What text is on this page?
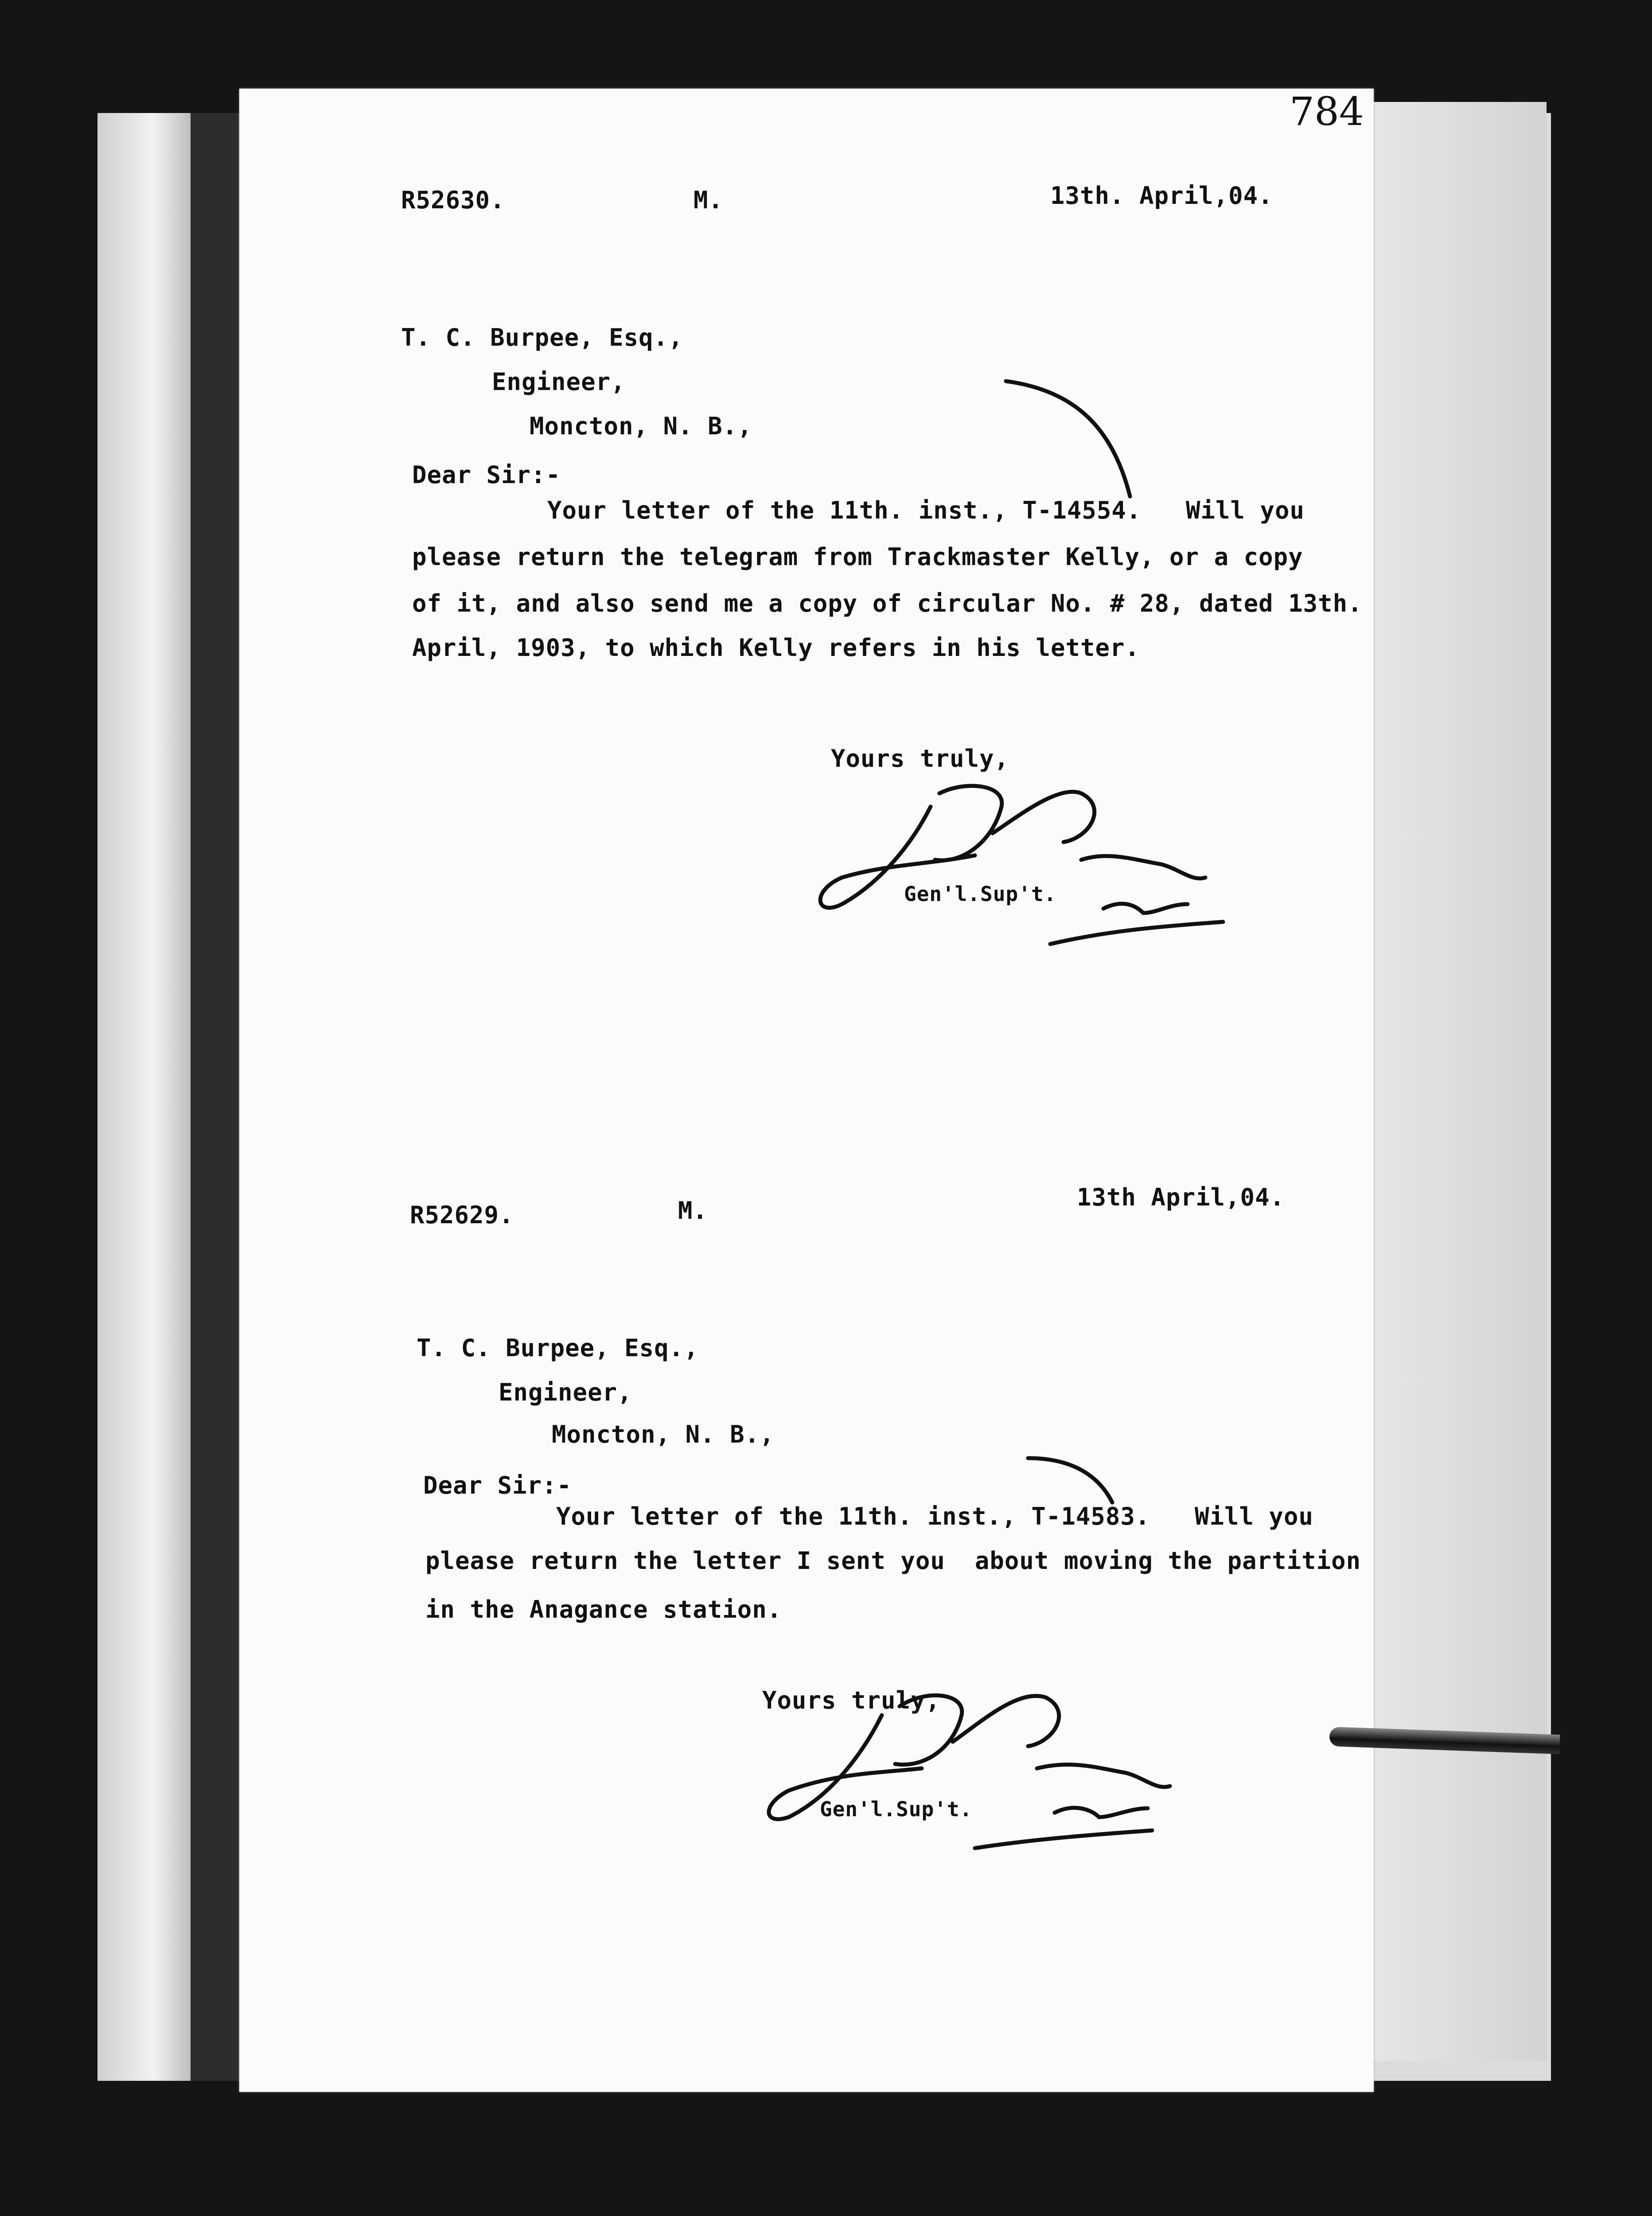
784
R52630.	M.	13th. April,04.
T. C. Burpee, Esq.,
Engineer,
Moncton, N. B.,
Dear Sir:-
Your letter of the 11th. inst., T-14554.   Will you
please return the telegram from Trackmaster Kelly, or a copy
of it, and also send me a copy of circular No. # 28, dated 13th.
April, 1903, to which Kelly refers in his letter.
Yours truly,
Gen'l.Sup't.
R52629.	M.	13th April,04.
T. C. Burpee, Esq.,
Engineer,
Moncton, N. B.,
Dear Sir:-
Your letter of the 11th. inst., T-14583.   Will you
please return the letter I sent you  about moving the partition
in the Anagance station.
Yours truly,
Gen'l.Sup't.
